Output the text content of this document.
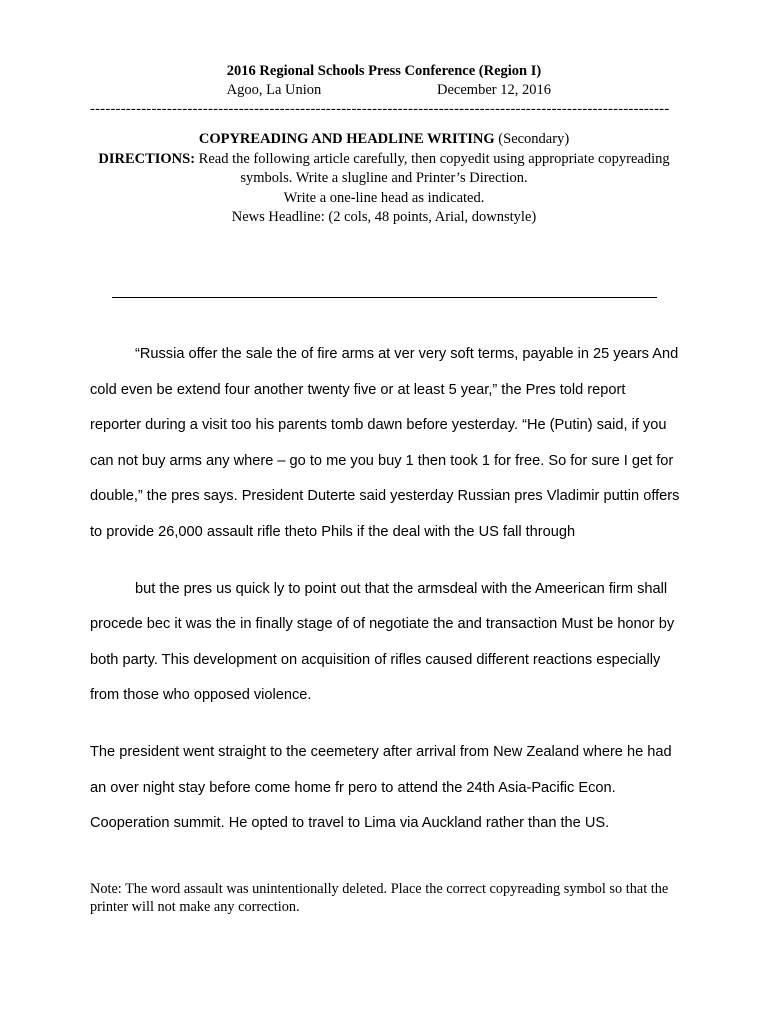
2016 Regional Schools Press Conference (Region I)
Agoo, La Union	December 12, 2016
-----------------------------------------------------------------------------------------------------------------
COPYREADING AND HEADLINE WRITING (Secondary)
DIRECTIONS: Read the following article carefully, then copyedit using appropriate copyreading symbols. Write a slugline and Printer’s Direction.
Write a one-line head as indicated.
News Headline: (2 cols, 48 points, Arial, downstyle)

“Russia offer the sale the of fire arms at ver very soft terms, payable in 25 years And cold even be extend four another twenty five or at least 5 year,” the Pres told report reporter during a visit too his parents tomb dawn before yesterday. “He (Putin) said, if you can not buy arms any where – go to me you buy 1 then took 1 for free. So for sure I get for double,” the pres says. President Duterte said yesterday Russian pres Vladimir puttin offers to provide 26,000 assault rifle theto Phils if the deal with the US fall through

but the pres us quick ly to point out that the armsdeal with the Ameerican firm shall procede bec it was the in finally stage of of negotiate the and transaction Must be honor by both party. This development on acquisition of rifles caused different reactions especially from those who opposed violence.

The president went straight to the ceemetery after arrival from New Zealand where he had an over night stay before come home fr pero to attend the 24th Asia-Pacific Econ. Cooperation summit. He opted to travel to Lima via Auckland rather than the US.

Note: The word assault was unintentionally deleted. Place the correct copyreading symbol so that the printer will not make any correction.
